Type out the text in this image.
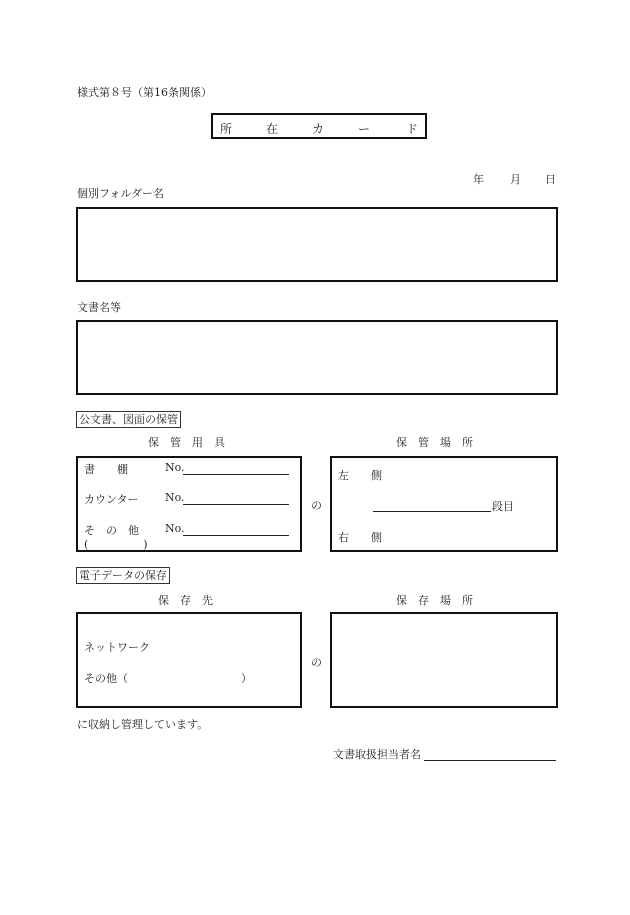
様式第８号（第16条関係）
所	在	カ	ー	ド
年 月 日
個別フォルダー名
文書名等
公文書、図面の保管
保　管　用　具	保　管　場　所
書　　棚	No.
カウンター No.
そ　の　他 No.
(　　　　　)
の
左　　側
段目
右　　側
電子データの保存
保　存　先	保　存　場　所
ネットワーク
その他（	）
の
に収納し管理しています。
文書取扱担当者名
